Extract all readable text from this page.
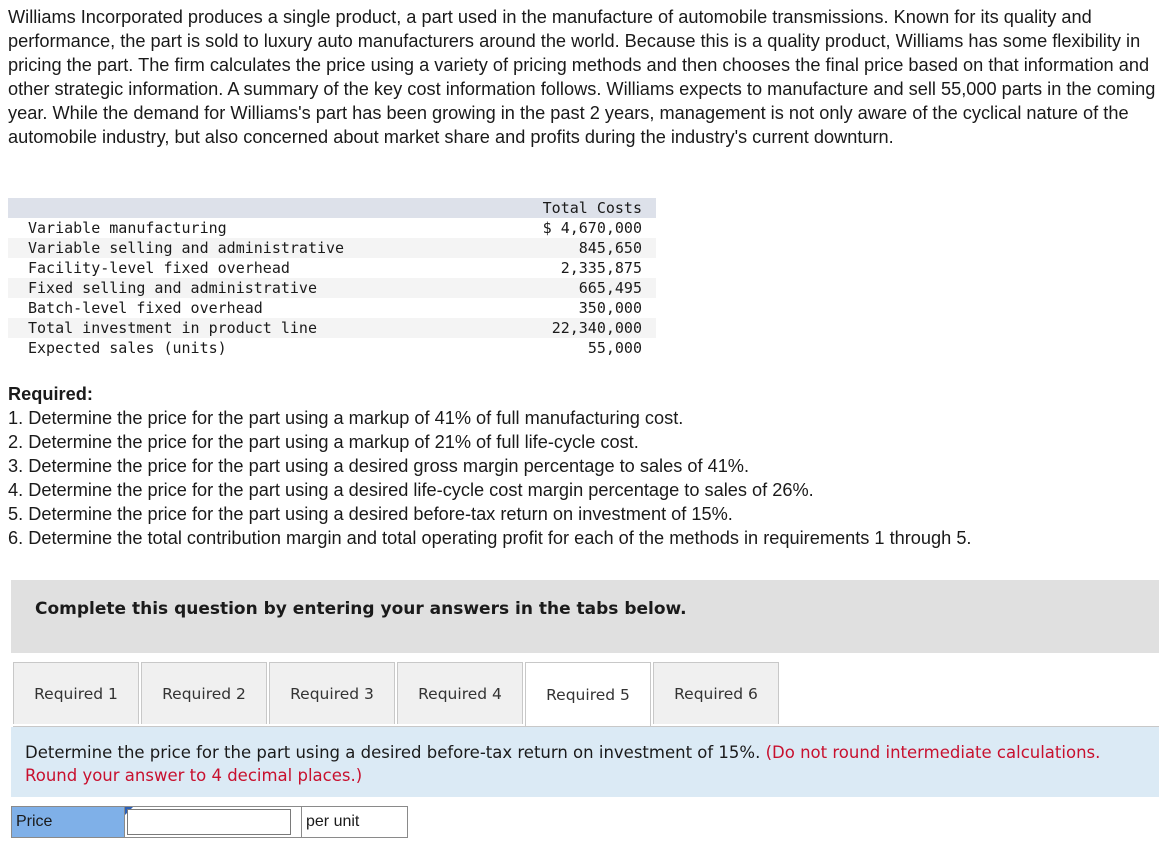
Williams Incorporated produces a single product, a part used in the manufacture of automobile transmissions. Known for its quality and performance, the part is sold to luxury auto manufacturers around the world. Because this is a quality product, Williams has some flexibility in pricing the part. The firm calculates the price using a variety of pricing methods and then chooses the final price based on that information and other strategic information. A summary of the key cost information follows. Williams expects to manufacture and sell 55,000 parts in the coming year. While the demand for Williams's part has been growing in the past 2 years, management is not only aware of the cyclical nature of the automobile industry, but also concerned about market share and profits during the industry's current downturn.

	Total Costs
Variable manufacturing	$ 4,670,000
Variable selling and administrative	845,650
Facility-level fixed overhead	2,335,875
Fixed selling and administrative	665,495
Batch-level fixed overhead	350,000
Total investment in product line	22,340,000
Expected sales (units)	55,000
Required:

1. Determine the price for the part using a markup of 41% of full manufacturing cost.

2. Determine the price for the part using a markup of 21% of full life-cycle cost.

3. Determine the price for the part using a desired gross margin percentage to sales of 41%.

4. Determine the price for the part using a desired life-cycle cost margin percentage to sales of 26%.

5. Determine the price for the part using a desired before-tax return on investment of 15%.

6. Determine the total contribution margin and total operating profit for each of the methods in requirements 1 through 5.

Complete this question by entering your answers in the tabs below.
Required 1	Required 2	Required 3	Required 4	Required 5	Required 6
Determine the price for the part using a desired before-tax return on investment of 15%. (Do not round intermediate calculations. Round your answer to 4 decimal places.)
Price	per unit
